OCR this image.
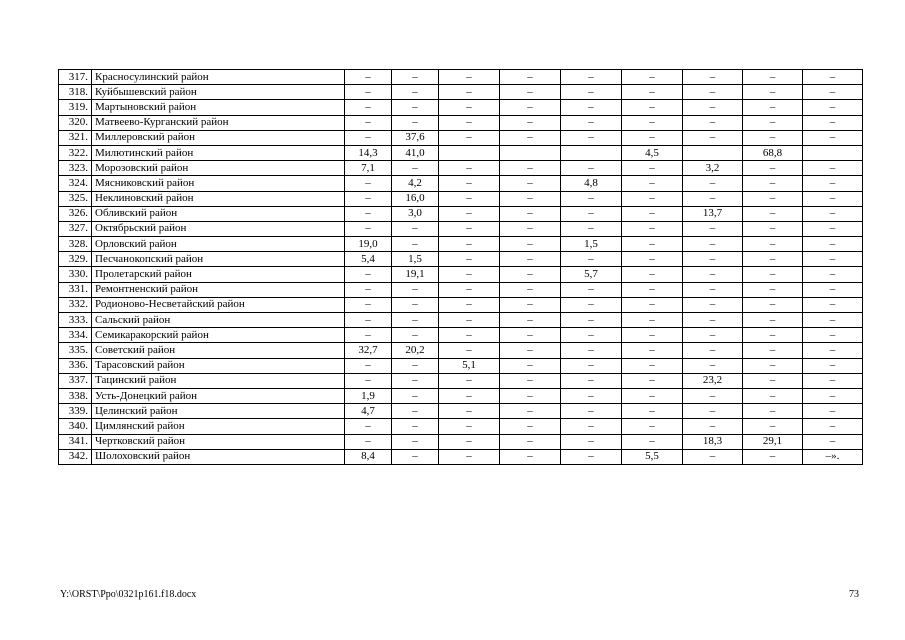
317.	Красносулинский район	–	–	–	–	–	–	–	–	–
318.	Куйбышевский район	–	–	–	–	–	–	–	–	–
319.	Мартыновский район	–	–	–	–	–	–	–	–	–
320.	Матвеево-Курганский район	–	–	–	–	–	–	–	–	–
321.	Миллеровский район	–	37,6	–	–	–	–	–	–	–
322.	Милютинский район	14,3	41,0				4,5		68,8	
323.	Морозовский район	7,1	–	–	–	–	–	3,2	–	–
324.	Мясниковский район	–	4,2	–	–	4,8	–	–	–	–
325.	Неклиновский район	–	16,0	–	–	–	–	–	–	–
326.	Обливский район	–	3,0	–	–	–	–	13,7	–	–
327.	Октябрьский район	–	–	–	–	–	–	–	–	–
328.	Орловский район	19,0	–	–	–	1,5	–	–	–	–
329.	Песчанокопский район	5,4	1,5	–	–	–	–	–	–	–
330.	Пролетарский район	–	19,1	–	–	5,7	–	–	–	–
331.	Ремонтненский район	–	–	–	–	–	–	–	–	–
332.	Родионово-Несветайский район	–	–	–	–	–	–	–	–	–
333.	Сальский район	–	–	–	–	–	–	–	–	–
334.	Семикаракорский район	–	–	–	–	–	–	–	–	–
335.	Советский район	32,7	20,2	–	–	–	–	–	–	–
336.	Тарасовский район	–	–	5,1	–	–	–	–	–	–
337.	Тацинский район	–	–	–	–	–	–	23,2	–	–
338.	Усть-Донецкий район	1,9	–	–	–	–	–	–	–	–
339.	Целинский район	4,7	–	–	–	–	–	–	–	–
340.	Цимлянский район	–	–	–	–	–	–	–	–	–
341.	Чертковский район	–	–	–	–	–	–	18,3	29,1	–
342.	Шолоховский район	8,4	–	–	–	–	5,5	–	–	–».
Y:\ORST\Ppo\0321p161.f18.docx	73
